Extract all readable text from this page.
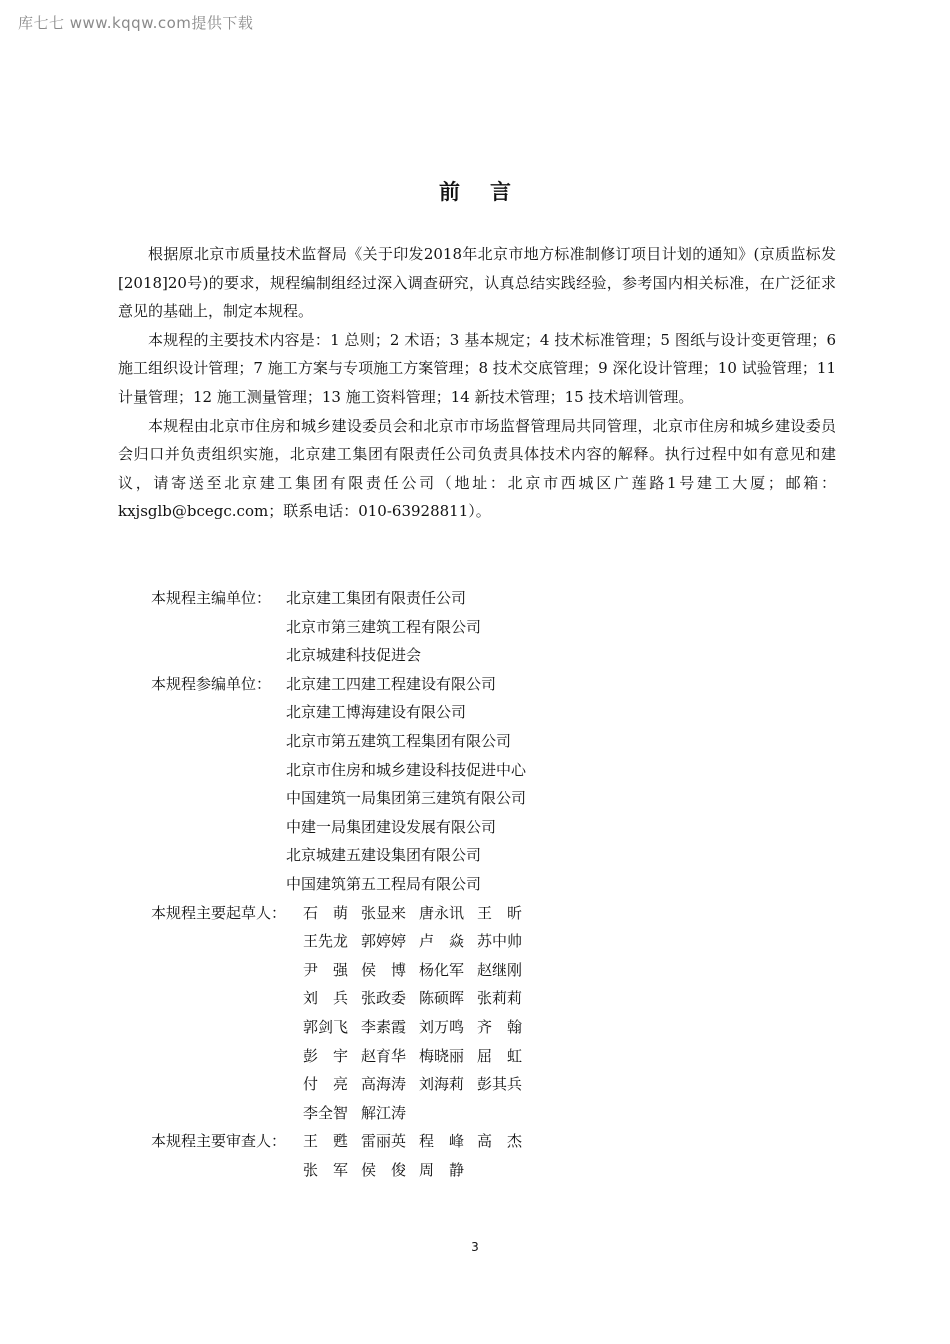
库七七 www.kqqw.com提供下载
前 言

根据原北京市质量技术监督局《关于印发2018年北京市地方标准制修订项目计划的通知》(京质监标发[2018]20号)的要求，规程编制组经过深入调查研究，认真总结实践经验，参考国内相关标准，在广泛征求意见的基础上，制定本规程。

本规程的主要技术内容是：1 总则；2 术语；3 基本规定；4 技术标准管理；5 图纸与设计变更管理；6 施工组织设计管理；7 施工方案与专项施工方案管理；8 技术交底管理；9 深化设计管理；10 试验管理；11 计量管理；12 施工测量管理；13 施工资料管理；14 新技术管理；15 技术培训管理。

本规程由北京市住房和城乡建设委员会和北京市市场监督管理局共同管理，北京市住房和城乡建设委员会归口并负责组织实施，北京建工集团有限责任公司负责具体技术内容的解释。执行过程中如有意见和建议，请寄送至北京建工集团有限责任公司（地址：北京市西城区广莲路1号建工大厦；邮箱：kxjsglb@bcegc.com；联系电话：010-63928811）。

本规程主编单位： 北京建工集团有限责任公司
北京市第三建筑工程有限公司
北京城建科技促进会
本规程参编单位： 北京建工四建工程建设有限公司
北京建工博海建设有限公司
北京市第五建筑工程集团有限公司
北京市住房和城乡建设科技促进中心
中国建筑一局集团第三建筑有限公司
中建一局集团建设发展有限公司
北京城建五建设集团有限公司
中国建筑第五工程局有限公司
本规程主要起草人：	石　萌 张显来 唐永讯 王　昕
王先龙 郭婷婷 卢　焱 苏中帅
尹　强 侯　博 杨化军 赵继刚
刘　兵 张政委 陈硕晖 张莉莉
郭剑飞 李素霞 刘万鸣 齐　翰
彭　宇 赵育华 梅晓丽 屈　虹
付　亮 高海涛 刘海莉 彭其兵
李全智 解江涛
本规程主要审查人：	王　甦 雷丽英 程　峰 高　杰
张　军 侯　俊 周　静
3
